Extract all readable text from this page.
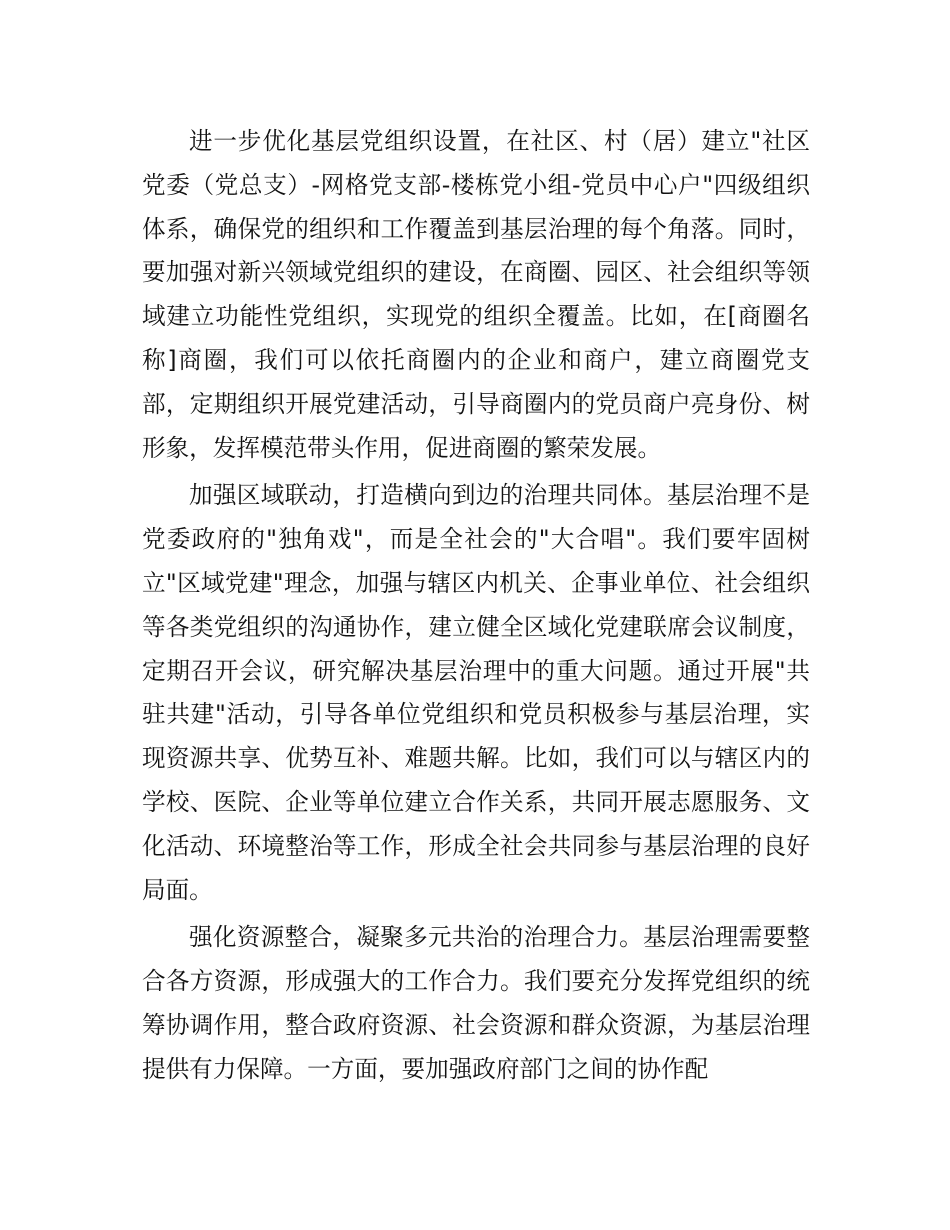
进一步优化基层党组织设置，在社区、村（居）建立"社区党委（党总支）-网格党支部-楼栋党小组-党员中心户"四级组织体系，确保党的组织和工作覆盖到基层治理的每个角落。同时，要加强对新兴领域党组织的建设，在商圈、园区、社会组织等领域建立功能性党组织，实现党的组织全覆盖。比如，在[商圈名称]商圈，我们可以依托商圈内的企业和商户，建立商圈党支部，定期组织开展党建活动，引导商圈内的党员商户亮身份、树形象，发挥模范带头作用，促进商圈的繁荣发展。

加强区域联动，打造横向到边的治理共同体。基层治理不是党委政府的"独角戏"，而是全社会的"大合唱"。我们要牢固树立"区域党建"理念，加强与辖区内机关、企事业单位、社会组织等各类党组织的沟通协作，建立健全区域化党建联席会议制度，定期召开会议，研究解决基层治理中的重大问题。通过开展"共驻共建"活动，引导各单位党组织和党员积极参与基层治理，实现资源共享、优势互补、难题共解。比如，我们可以与辖区内的学校、医院、企业等单位建立合作关系，共同开展志愿服务、文化活动、环境整治等工作，形成全社会共同参与基层治理的良好局面。

强化资源整合，凝聚多元共治的治理合力。基层治理需要整合各方资源，形成强大的工作合力。我们要充分发挥党组织的统筹协调作用，整合政府资源、社会资源和群众资源，为基层治理提供有力保障。一方面，要加强政府部门之间的协作配
